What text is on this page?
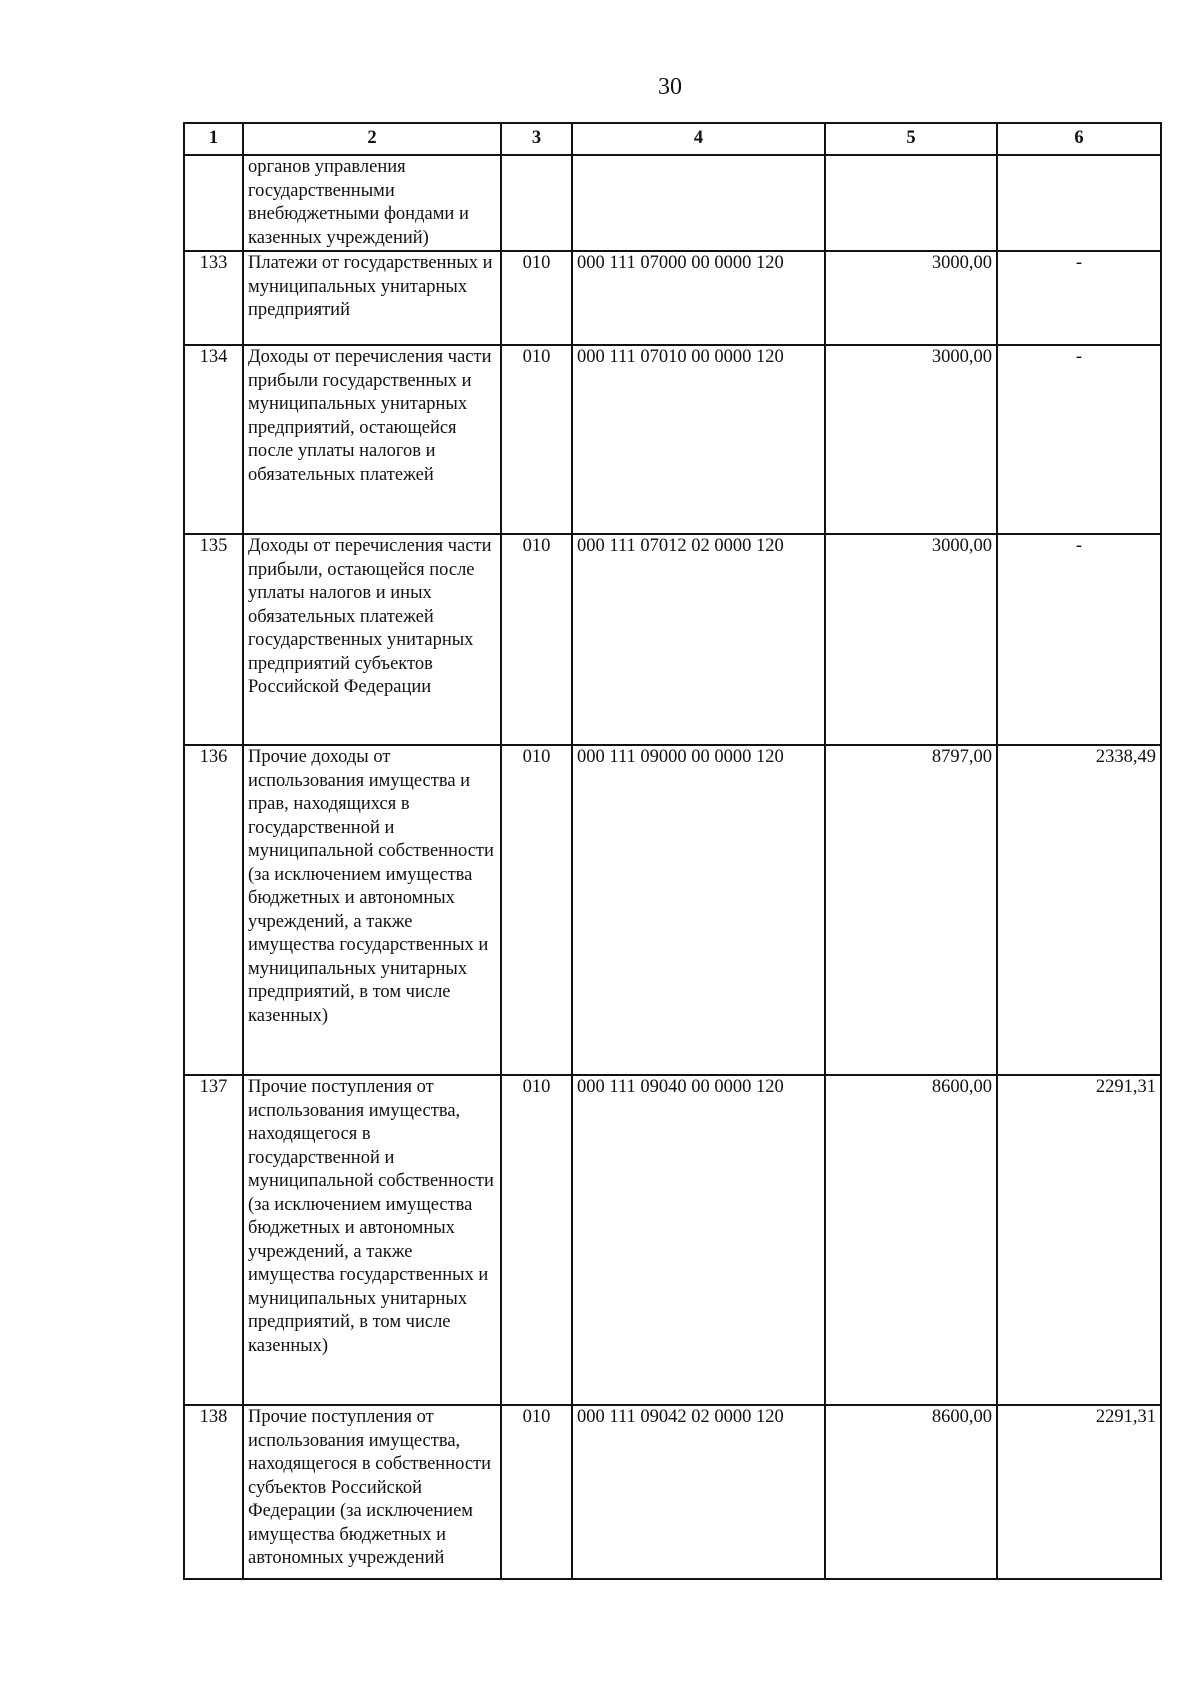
30
1	2	3	4	5	6
	органов управления государственными внебюджетными фондами и казенных учреждений)				
133	Платежи от государственных и муниципальных унитарных предприятий	010	000 111 07000 00 0000 120	3000,00	-
134	Доходы от перечисления части прибыли государственных и муниципальных унитарных предприятий, остающейся после уплаты налогов и обязательных платежей	010	000 111 07010 00 0000 120	3000,00	-
135	Доходы от перечисления части прибыли, остающейся после уплаты налогов и иных обязательных платежей государственных унитарных предприятий субъектов Российской Федерации	010	000 111 07012 02 0000 120	3000,00	-
136	Прочие доходы от использования имущества и прав, находящихся в государственной и муниципальной собственности (за исключением имущества бюджетных и автономных учреждений, а также имущества государственных и муниципальных унитарных предприятий, в том числе казенных)	010	000 111 09000 00 0000 120	8797,00	2338,49
137	Прочие поступления от использования имущества, находящегося в государственной и муниципальной собственности (за исключением имущества бюджетных и автономных учреждений, а также имущества государственных и муниципальных унитарных предприятий, в том числе казенных)	010	000 111 09040 00 0000 120	8600,00	2291,31
138	Прочие поступления от использования имущества, находящегося в собственности субъектов Российской Федерации (за исключением имущества бюджетных и автономных учреждений	010	000 111 09042 02 0000 120	8600,00	2291,31
